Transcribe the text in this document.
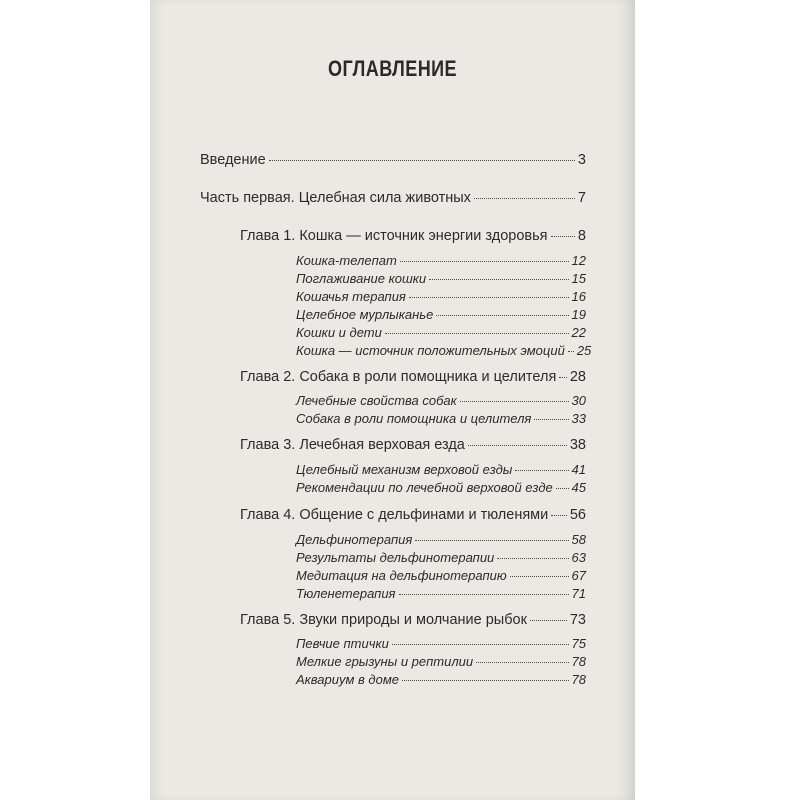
ОГЛАВЛЕНИЕ
Введение	3
Часть первая. Целебная сила животных	7
Глава 1. Кошка — источник энергии здоровья 8
Кошка-телепат	12
Поглаживание кошки	15
Кошачья терапия	16
Целебное мурлыканье	19
Кошки и дети	22
Кошка — источник положительных эмоций 25
Глава 2. Собака в роли помощника и целителя 28
Лечебные свойства собак	30
Собака в роли помощника и целителя	33
Глава 3. Лечебная верховая езда	38
Целебный механизм верховой езды	41
Рекомендации по лечебной верховой езде 45
Глава 4. Общение с дельфинами и тюленями 56
Дельфинотерапия	58
Результаты дельфинотерапии	63
Медитация на дельфинотерапию	67
Тюленетерапия	71
Глава 5. Звуки природы и молчание рыбок	73
Певчие птички	75
Мелкие грызуны и рептилии	78
Аквариум в доме	78
